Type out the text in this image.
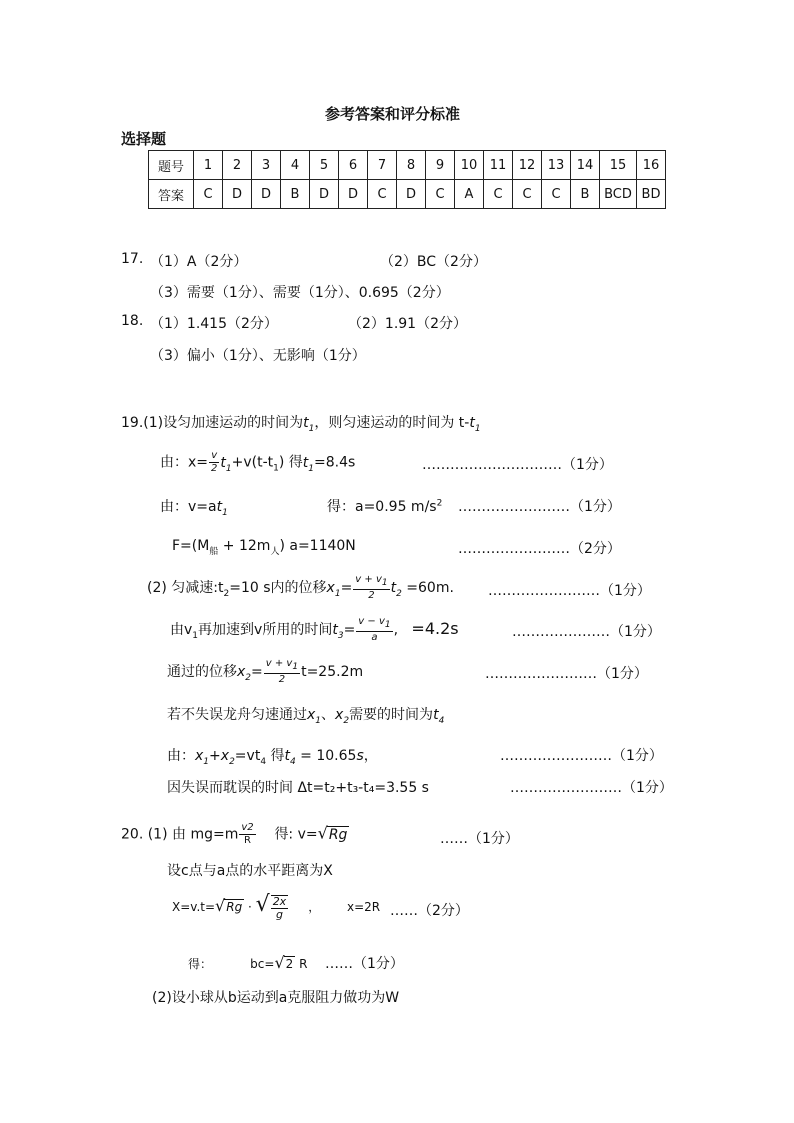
参考答案和评分标准
选择题
题号	1	2	3	4	5	6	7	8	9	10	11	12	13	14	15	16
答案	C	D	D	B	D	D	C	D	C	A	C	C	C	B	BCD	BD
17. （1）A（2分）	（2）BC（2分）
（3）需要（1分）、需要（1分）、0.695（2分）
18. （1）1.415（2分）	（2）1.91（2分）
（3）偏小（1分）、无影响（1分）
19.(1)设匀加速运动的时间为$t_1$，则匀速运动的时间为 $t-t_1$
由：$x= \frac{v}{2} t_1+v(t-t_1)$ 得$t_1=8.4s$	…………………………（1分）
由：$v=at_1$	得：a=0.95 $m/s^2$ ……………………（1分）
$F=(M_船 + 12m_人)$ a=1140N	……………………（2分）
(2) 匀减速$:t_2=10$ s内的位移$x_1= \frac{v + v_1}{2} t_2 =60m$. ……………………（1分）
由$v_1$再加速到v所用的时间$t_3= \frac{v - v_1}{a}$ ,   =4.2s	…………………（1分）
通过的位移$x_2= \frac{v + v_1}{2} t=25.2m$	……………………（1分）
若不失误龙舟匀速通过$x_1$、$x_2$需要的时间为$t_4$
由：$x_1+x_2=vt_4$ 得$t_4 = 10.65s$，	……………………（1分）
因失误而耽误的时间 Δt=t₂+t₃-t₄=3.55 s	……………………（1分）
20. (1) 由 $mg=m \frac{v2}{R}$ 得: v=√Rg	……（1分）
设c点与a点的水平距离为X
X=v.t=√Rg · √ $\frac{2x}{g}$ ， x=2R ……（2分）
得：	bc=√2 R ……（1分）
(2)设小球从b运动到a克服阻力做功为W
